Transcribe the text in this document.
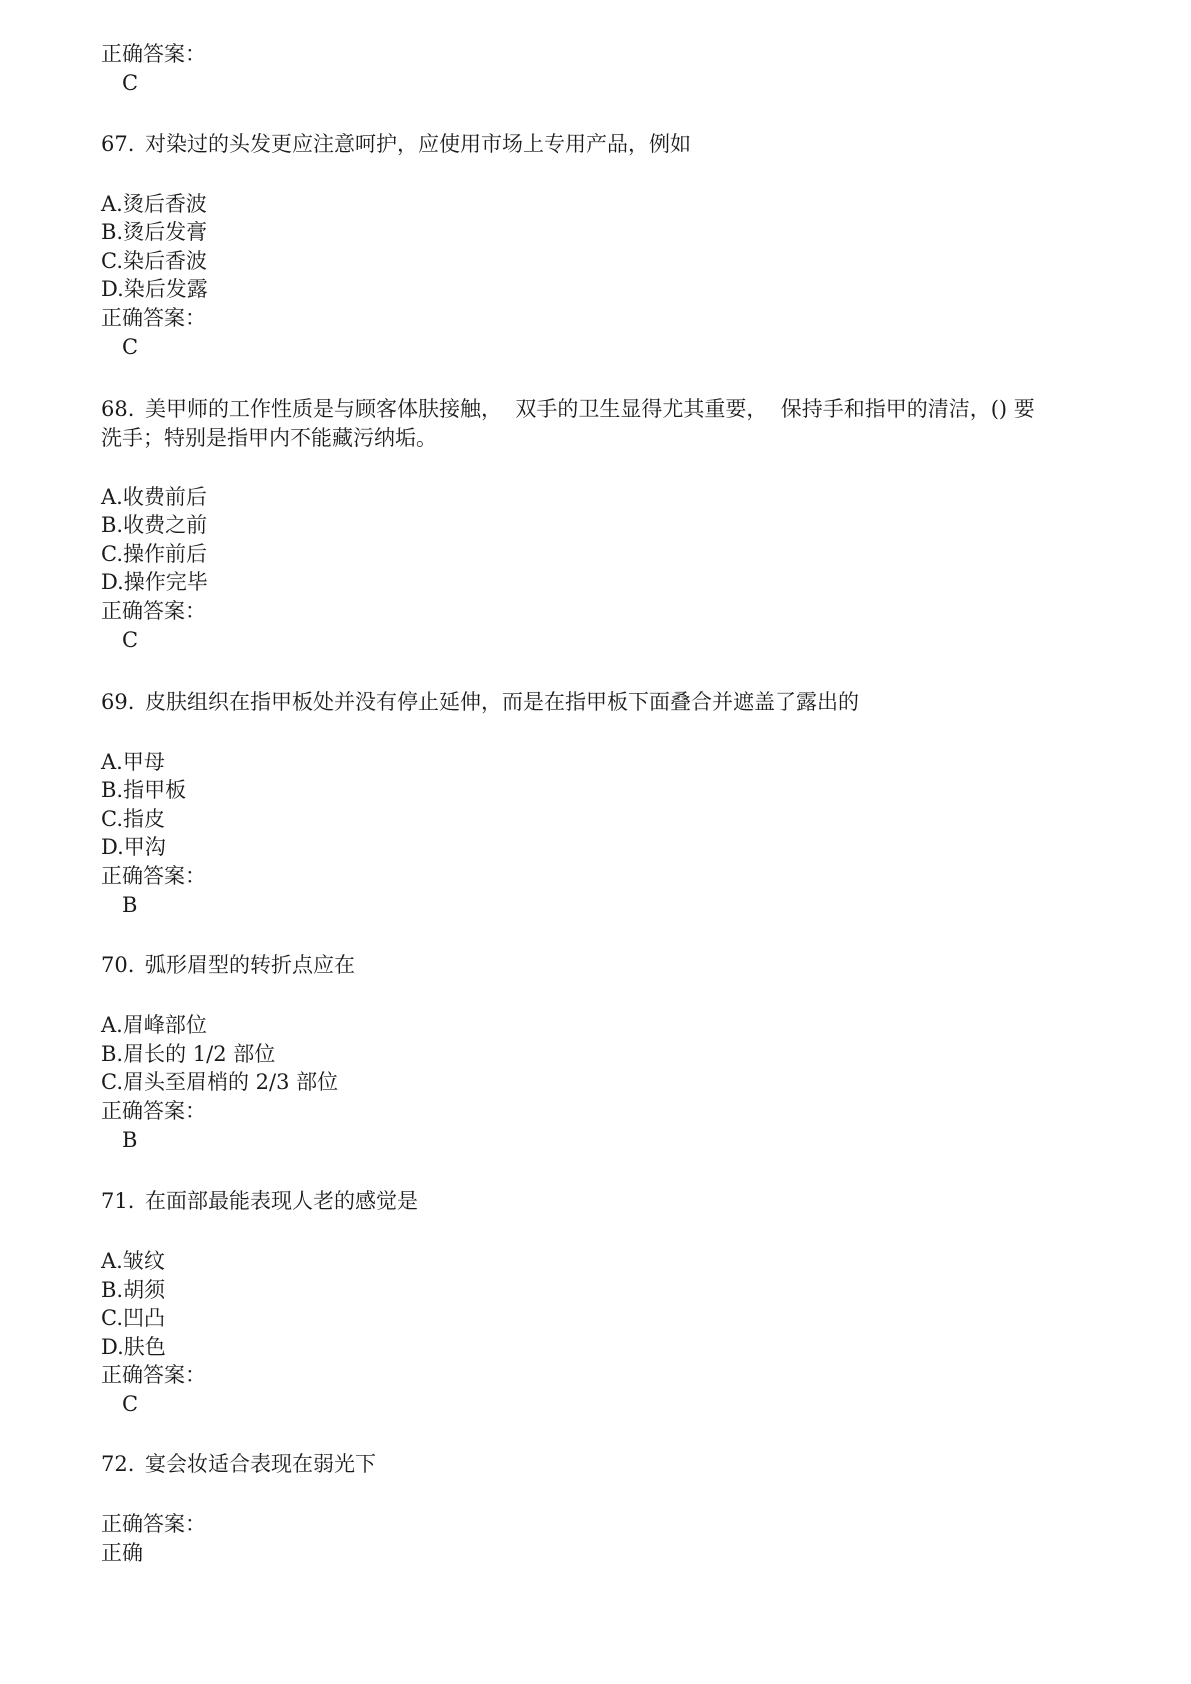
正确答案：
C
67. 对染过的头发更应注意呵护，应使用市场上专用产品，例如
A.烫后香波
B.烫后发膏
C.染后香波
D.染后发露
正确答案：
C
68. 美甲师的工作性质是与顾客体肤接触，  双手的卫生显得尤其重要，  保持手和指甲的清洁，() 要
洗手；特别是指甲内不能藏污纳垢。
A.收费前后
B.收费之前
C.操作前后
D.操作完毕
正确答案：
C
69. 皮肤组织在指甲板处并没有停止延伸，而是在指甲板下面叠合并遮盖了露出的
A.甲母
B.指甲板
C.指皮
D.甲沟
正确答案：
B
70. 弧形眉型的转折点应在
A.眉峰部位
B.眉长的 1/2 部位
C.眉头至眉梢的 2/3 部位
正确答案：
B
71. 在面部最能表现人老的感觉是
A.皱纹
B.胡须
C.凹凸
D.肤色
正确答案：
C
72. 宴会妆适合表现在弱光下
正确答案：
正确
